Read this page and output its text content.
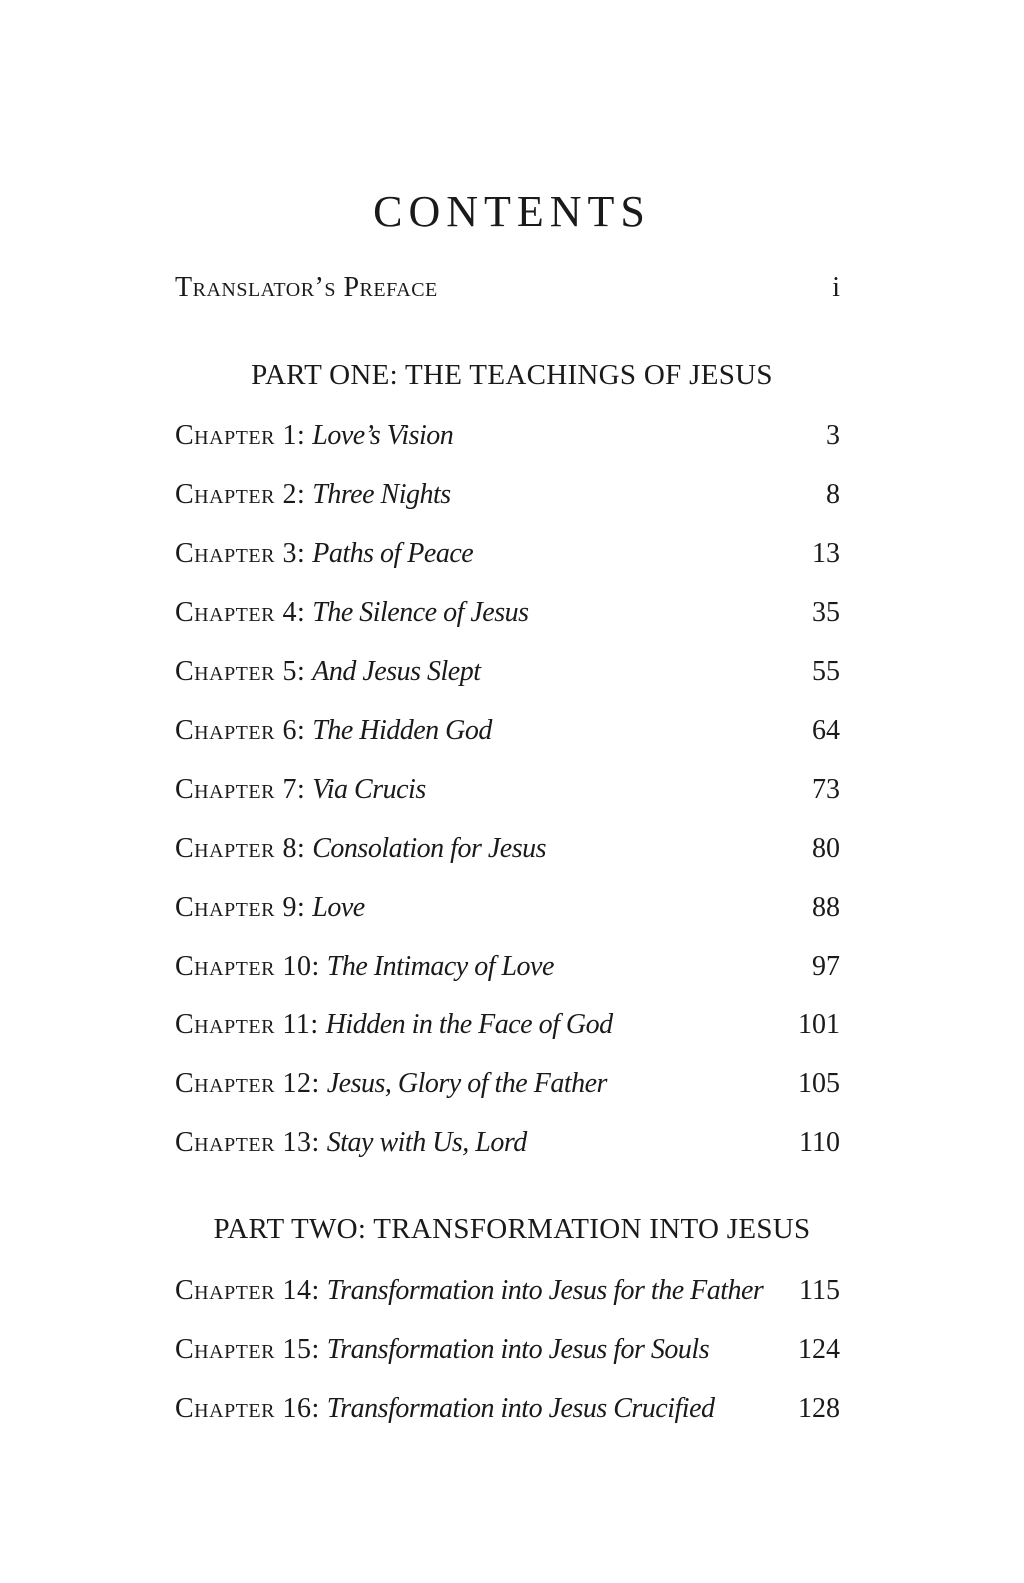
CONTENTS
Translator’s Preface	i
PART ONE: THE TEACHINGS OF JESUS
Chapter 1: Love’s Vision	3
Chapter 2: Three Nights	8
Chapter 3: Paths of Peace	13
Chapter 4: The Silence of Jesus	35
Chapter 5: And Jesus Slept	55
Chapter 6: The Hidden God	64
Chapter 7: Via Crucis	73
Chapter 8: Consolation for Jesus	80
Chapter 9: Love	88
Chapter 10: The Intimacy of Love	97
Chapter 11: Hidden in the Face of God	101
Chapter 12: Jesus, Glory of the Father	105
Chapter 13: Stay with Us, Lord	110
PART TWO: TRANSFORMATION INTO JESUS
Chapter 14: Transformation into Jesus for the Father 115
Chapter 15: Transformation into Jesus for Souls	124
Chapter 16: Transformation into Jesus Crucified	128
